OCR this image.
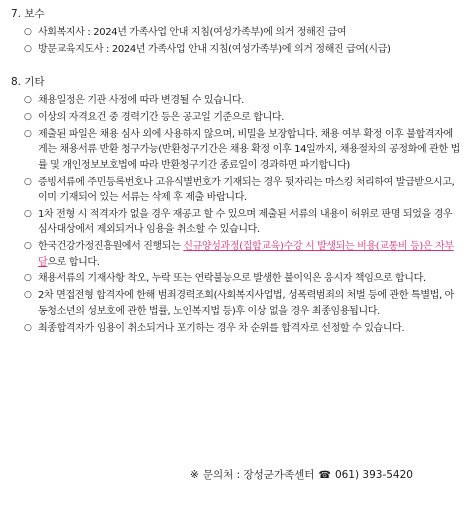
7. 보수
○ 사회복지사 : 2024년 가족사업 안내 지침(여성가족부)에 의거 정해진 급여
○ 방문교육지도사 : 2024년 가족사업 안내 지침(여성가족부)에 의거 정해진 급여(시급)
8. 기타
○ 채용일정은 기관 사정에 따라 변경될 수 있습니다.
○ 이상의 자격요건 중 경력기간 등은 공고일 기준으로 합니다.
○ 제출된 파일은 채용 심사 외에 사용하지 않으며, 비밀을 보장합니다. 채용 여부 확정 이후 불합격자에게는 채용서류 반환 청구가능(반환청구기간은 채용 확정 이후 14일까지, 채용절차의 공정화에 관한 법률 및 개인정보보호법에 따라 반환청구기간 종료일이 경과하면 파기합니다)
○ 증빙서류에 주민등록번호나 고유식별번호가 기재되는 경우 뒷자리는 마스킹 처리하여 발급받으시고, 이미 기재되어 있는 서류는 삭제 후 제출 바랍니다.
○ 1차 전형 시 적격자가 없을 경우 재공고 할 수 있으며 제출된 서류의 내용이 허위로 판명 되었을 경우 심사대상에서 제외되거나 임용을 취소할 수 있습니다.
○ 한국건강가정진흥원에서 진행되는 신규양성과정(집합교육)수강 시 발생되는 비용(교통비 등)은 자부담으로 합니다.
○ 채용서류의 기재사항 착오, 누락 또는 연락불능으로 발생한 불이익은 응시자 책임으로 합니다.
○ 2차 면접전형 합격자에 한해 범죄경력조회(사회복지사업법, 성폭력범죄의 처벌 등에 관한 특별법, 아동청소년의 성보호에 관한 법률, 노인복지법 등)후 이상 없을 경우 최종임용됩니다.
○ 최종합격자가 임용이 취소되거나 포기하는 경우 차 순위를 합격자로 선정할 수 있습니다.
※ 문의처 : 장성군가족센터 ☎ 061) 393-5420
